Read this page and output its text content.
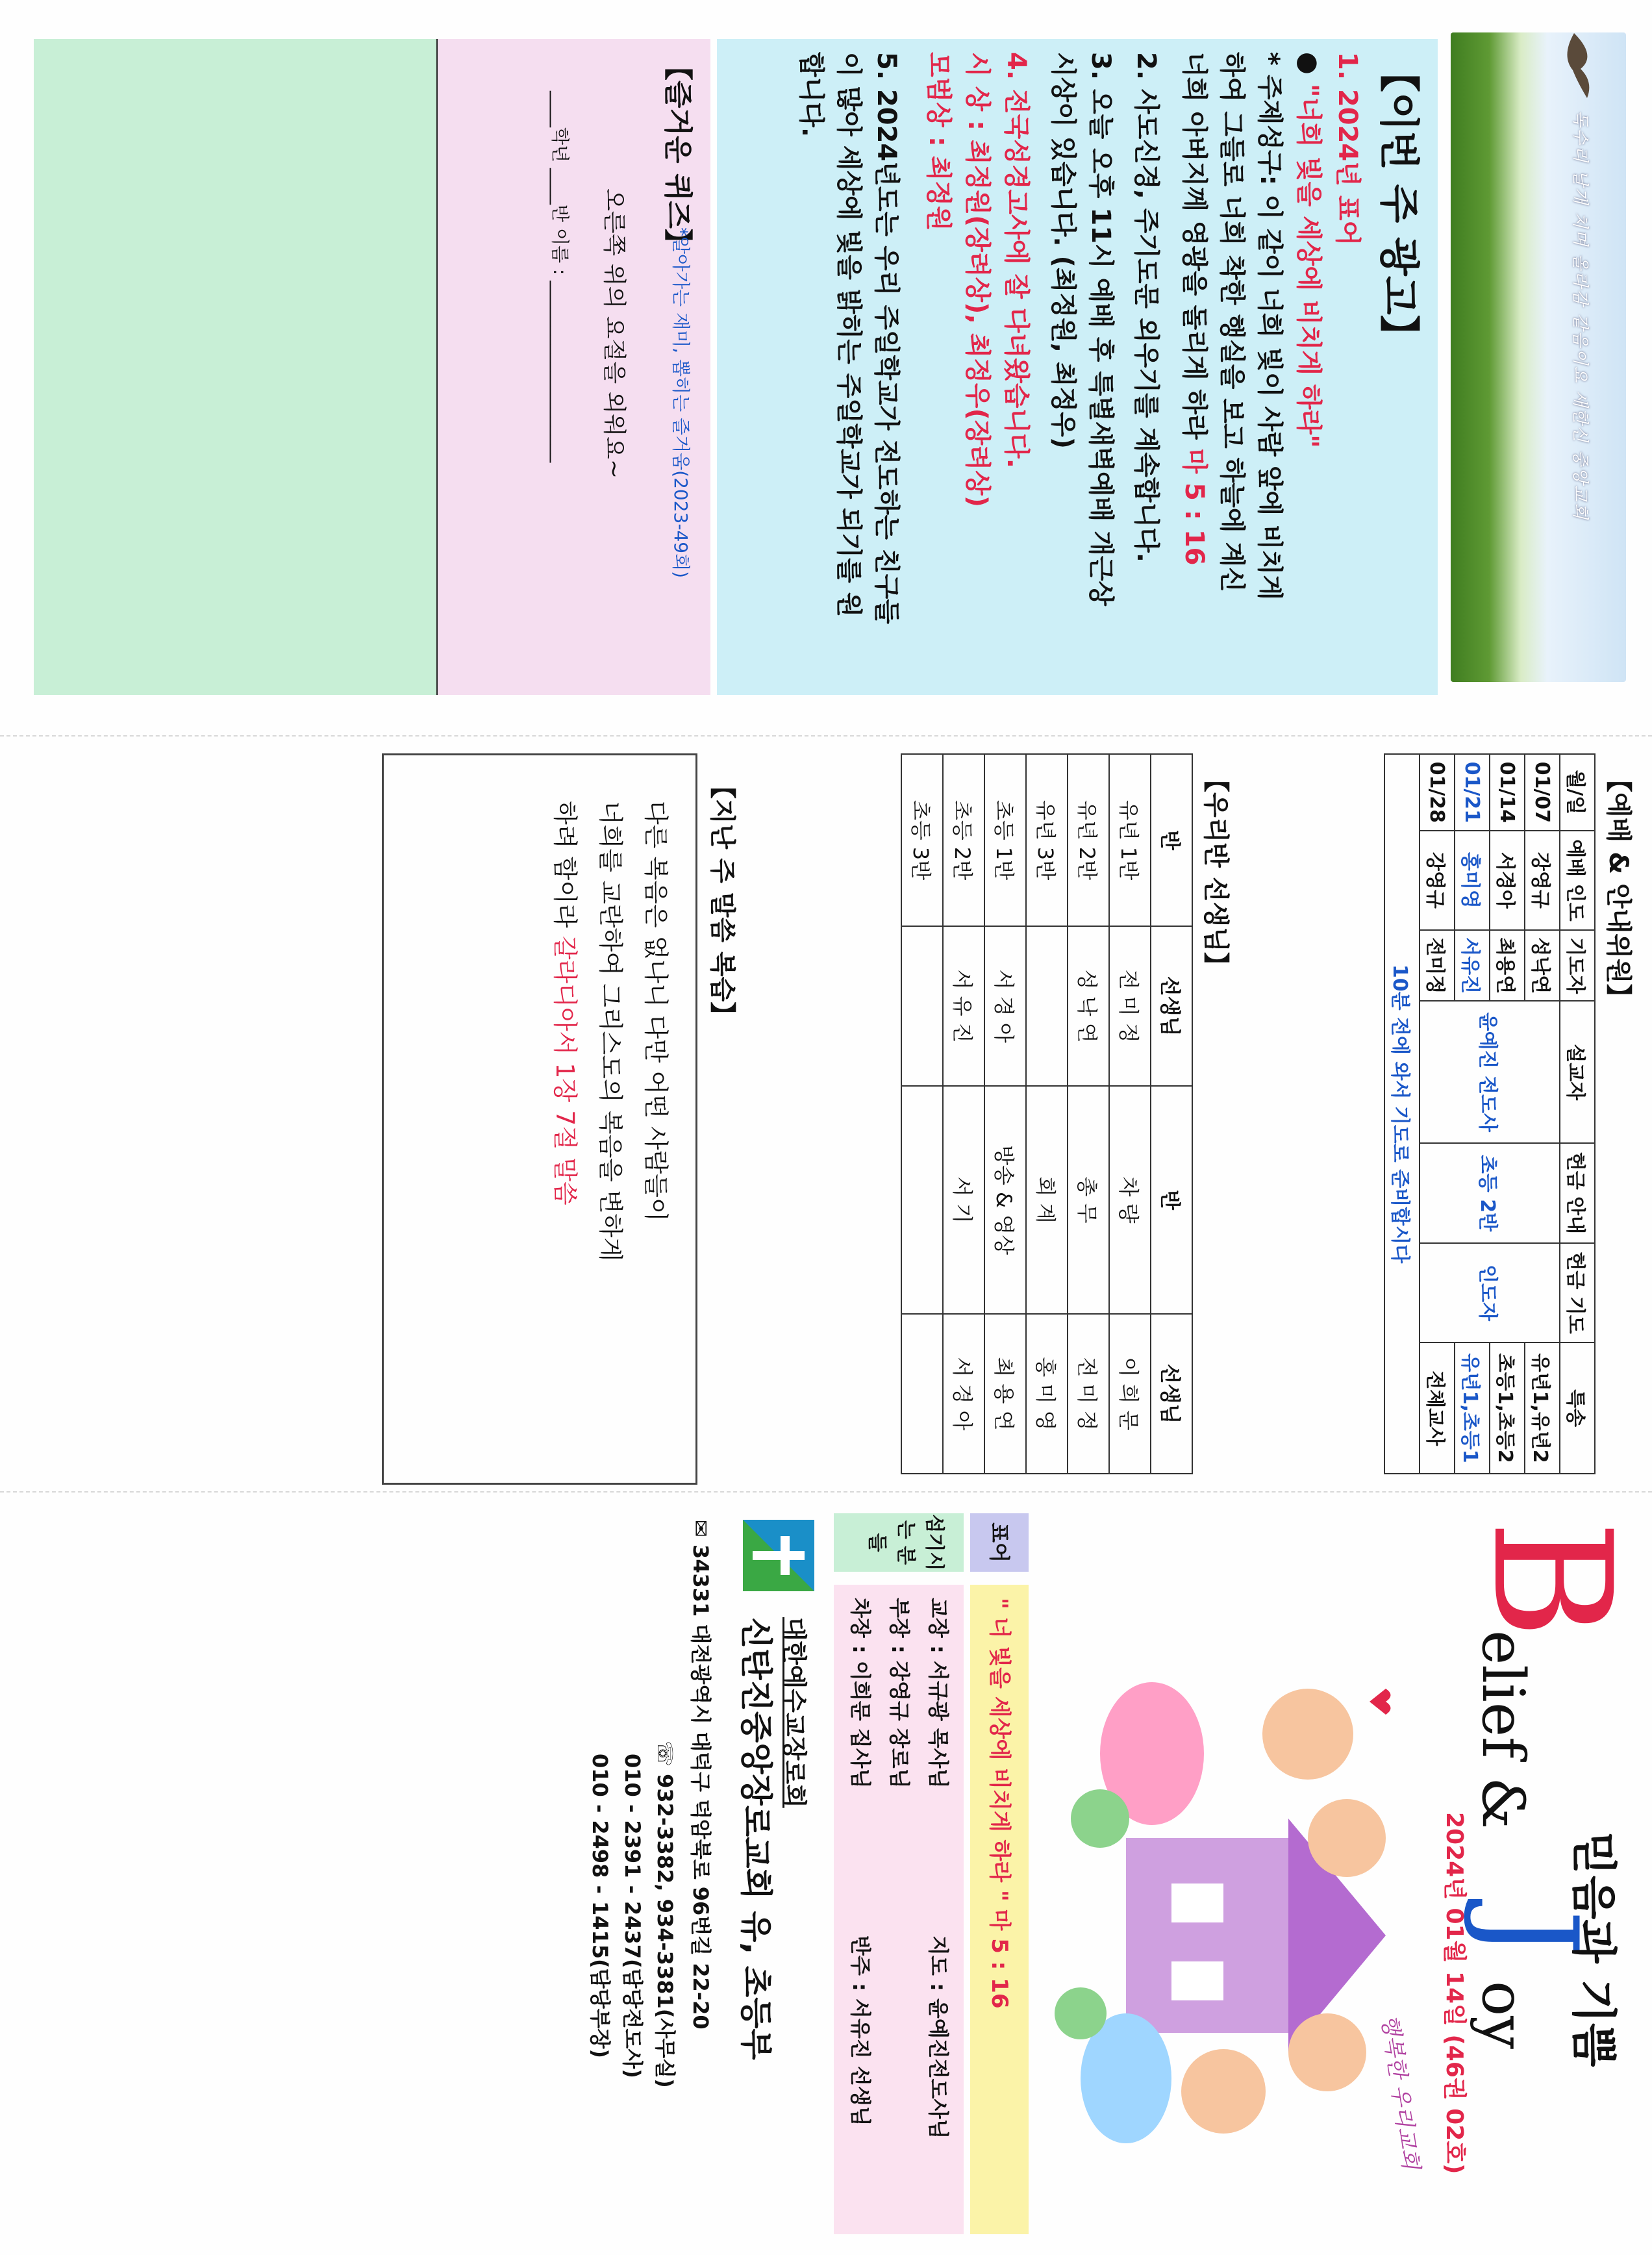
독수리 날개 치며 올라감 같음이요 새한신 중앙교회
【이번 주 광고】
1. 2024년 표어
● "너희 빛을 세상에 비치게 하라"
* 주제성구: 이 같이 너희 빛이 사람 앞에 비치게 하여 그들로 너희 착한 행실을 보고 하늘에 계신 너희 아버지께 영광을 돌리게 하라 마 5 : 16
2. 사도신경, 주기도문 외우기를 계속합니다.
3. 오늘 오후 11시 예배 후 특별새벽예배 개근상 시상이 있습니다. (최정원, 최정우)
4. 전국성경고사에 잘 다녀왔습니다.
시 상 : 최정원(장려상), 최정우(장려상)
모범상 : 최정원
5. 2024년도는 우리 주일학교가 전도하는 친구들이 많아 세상에 빛을 밝히는 주일학교가 되기를 원합니다.
【즐거운 퀴즈】
*알아가는 재미, 뽑히는 즐거움(2023-49회)
오른쪽 위의 요절을 외워요~
____학년 ____반 이름 : ____________________
【지난 주 말씀 복습】
다른 복음은 없나니 다만 어떤 사람들이
너희를 교란하여 그리스도의 복음을 변하게
하려 함이라 갈라디아서 1장 7절 말씀
【예배 & 안내위원】
월/일	예배 인도	기도자	설교자	헌금 안내	헌금 기도	특송
01/07	강영규	성낙연	윤예진 전도사	초등 2반	인도자	유년1,유년2
01/14	서경아	최용연				초등1,초등2
01/21	홍미영	서유진				유년1,초등1
01/28	강영규	전미정				전체교사
10분 전에 와서 기도로 준비합시다						
【우리반 선생님】
반	선생님	반	선생님
유년 1반	전 미 정	차 량	이 희 문
유년 2반	성 낙 연	총 무	전 미 정
유년 3반		회 계	홍 미 영
초등 1반	서 경 아	방송 & 영상	최 용 연
초등 2반	서 유 진	서 기	서 경 아
초등 3반			
B
elief &
J
oy 믿음과 기쁨
2024년 01월 14일 (46권 02호)
행복한 우리교회
표어
" 너 빛을 세상에 비치게 하라 " 마 5 : 16
섬기시는 분들
교장 : 서규광 목사님
지도 : 윤예진전도사님
부장 : 강영규 장로님
차장 : 이희문 집사님
반주 : 서유진 선생님
대한예수교장로회
신탄진중앙장로교회 유, 초등부
✉ 34331 대전광역시 대덕구 덕암북로 96번길 22-20
☏ 932-3382, 934-3381(사무실)
010 - 2391 - 2437(담당전도사)
010 - 2498 - 1415(담당부장)
